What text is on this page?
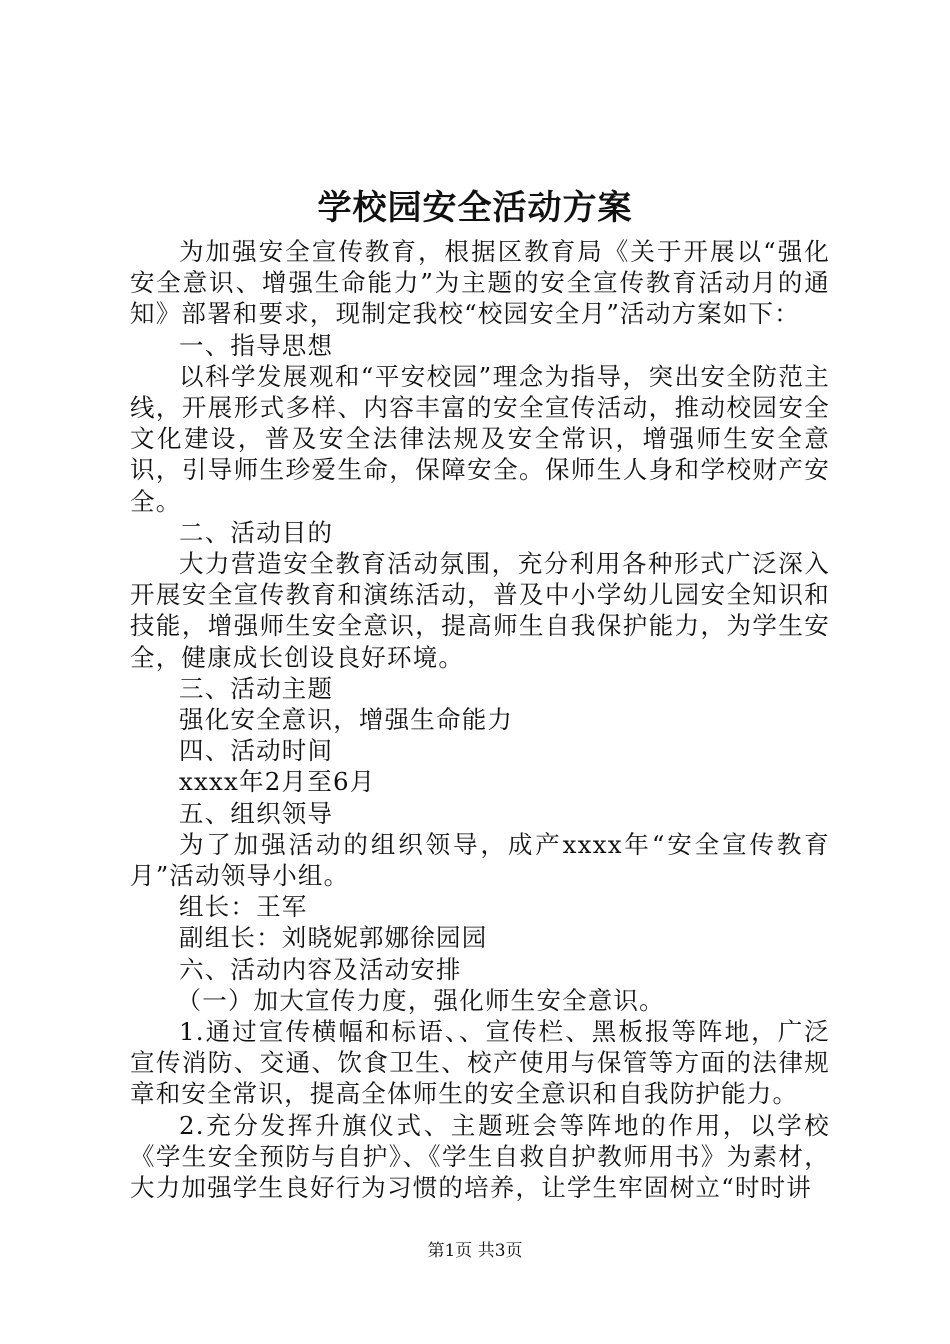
学校园安全活动方案

为加强安全宣传教育，根据区教育局《关于开展以“强化安全意识、增强生命能力”为主题的安全宣传教育活动月的通知》部署和要求，现制定我校“校园安全月”活动方案如下：

一、指导思想

以科学发展观和“平安校园”理念为指导，突出安全防范主线，开展形式多样、内容丰富的安全宣传活动，推动校园安全文化建设，普及安全法律法规及安全常识，增强师生安全意识，引导师生珍爱生命，保障安全。保师生人身和学校财产安全。

二、活动目的

大力营造安全教育活动氛围，充分利用各种形式广泛深入开展安全宣传教育和演练活动，普及中小学幼儿园安全知识和技能，增强师生安全意识，提高师生自我保护能力，为学生安全，健康成长创设良好环境。

三、活动主题

强化安全意识，增强生命能力

四、活动时间

xxxx年2月至6月

五、组织领导

为了加强活动的组织领导，成产xxxx年“安全宣传教育月”活动领导小组。

组长：王军

副组长：刘晓妮郭娜徐园园

六、活动内容及活动安排

（一）加大宣传力度，强化师生安全意识。

1.通过宣传横幅和标语、、宣传栏、黑板报等阵地，广泛宣传消防、交通、饮食卫生、校产使用与保管等方面的法律规章和安全常识，提高全体师生的安全意识和自我防护能力。

2.充分发挥升旗仪式、主题班会等阵地的作用，以学校《学生安全预防与自护》、《学生自救自护教师用书》为素材，大力加强学生良好行为习惯的培养，让学生牢固树立“时时讲

第1页 共3页
